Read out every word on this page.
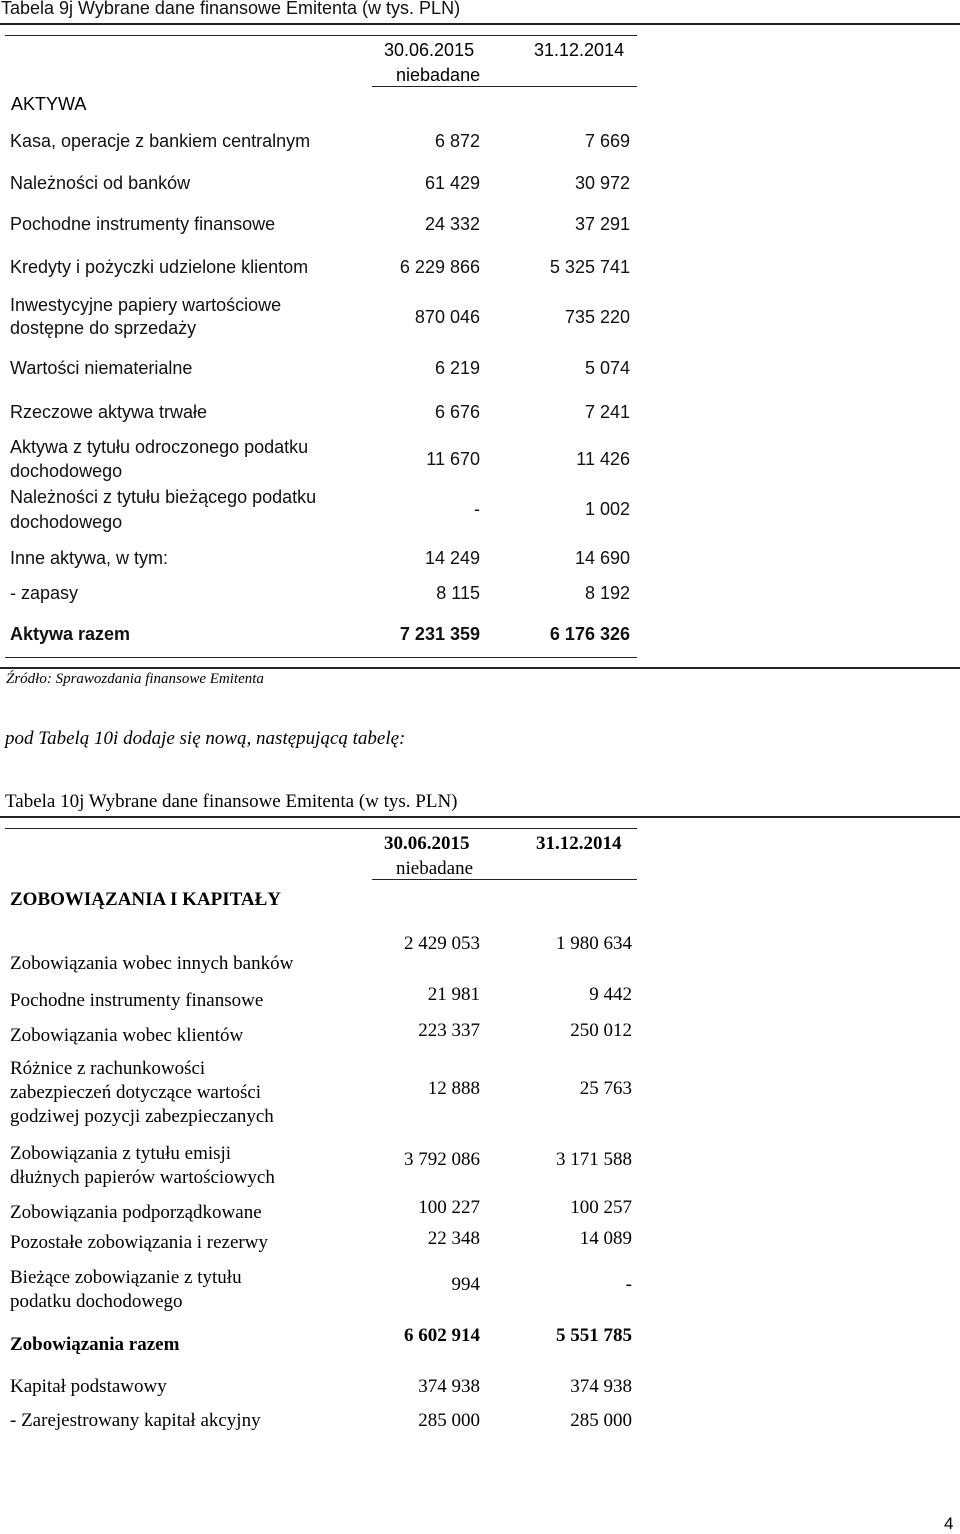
Tabela 9j Wybrane dane finansowe Emitenta (w tys. PLN)
30.06.2015
niebadane
31.12.2014
AKTYWA
Kasa, operacje z bankiem centralnym	6 872	7 669
Należności od banków	61 429	30 972
Pochodne instrumenty finansowe	24 332	37 291
Kredyty i pożyczki udzielone klientom	6 229 866	5 325 741
Inwestycyjne papiery wartościowe
dostępne do sprzedaży
870 046	735 220
Wartości niematerialne	6 219	5 074
Rzeczowe aktywa trwałe	6 676	7 241
Aktywa z tytułu odroczonego podatku
dochodowego
11 670	11 426
Należności z tytułu bieżącego podatku
dochodowego
-	1 002
Inne aktywa, w tym:	14 249	14 690
- zapasy	8 115	8 192
Aktywa razem	7 231 359	6 176 326
Źródło: Sprawozdania finansowe Emitenta
pod Tabelą 10i dodaje się nową, następującą tabelę:
Tabela 10j Wybrane dane finansowe Emitenta (w tys. PLN)
30.06.2015
niebadane
31.12.2014
ZOBOWIĄZANIA I KAPITAŁY
Zobowiązania wobec innych banków
2 429 053	1 980 634
Pochodne instrumenty finansowe	21 981	9 442
Zobowiązania wobec klientów	223 337	250 012
Różnice z rachunkowości
zabezpieczeń dotyczące wartości
godziwej pozycji zabezpieczanych
12 888	25 763
Zobowiązania z tytułu emisji
dłużnych papierów wartościowych
3 792 086	3 171 588
Zobowiązania podporządkowane	100 227	100 257
Pozostałe zobowiązania i rezerwy	22 348	14 089
Bieżące zobowiązanie z tytułu
podatku dochodowego
994	-
Zobowiązania razem	6 602 914	5 551 785
Kapitał podstawowy	374 938	374 938
- Zarejestrowany kapitał akcyjny	285 000	285 000
4
